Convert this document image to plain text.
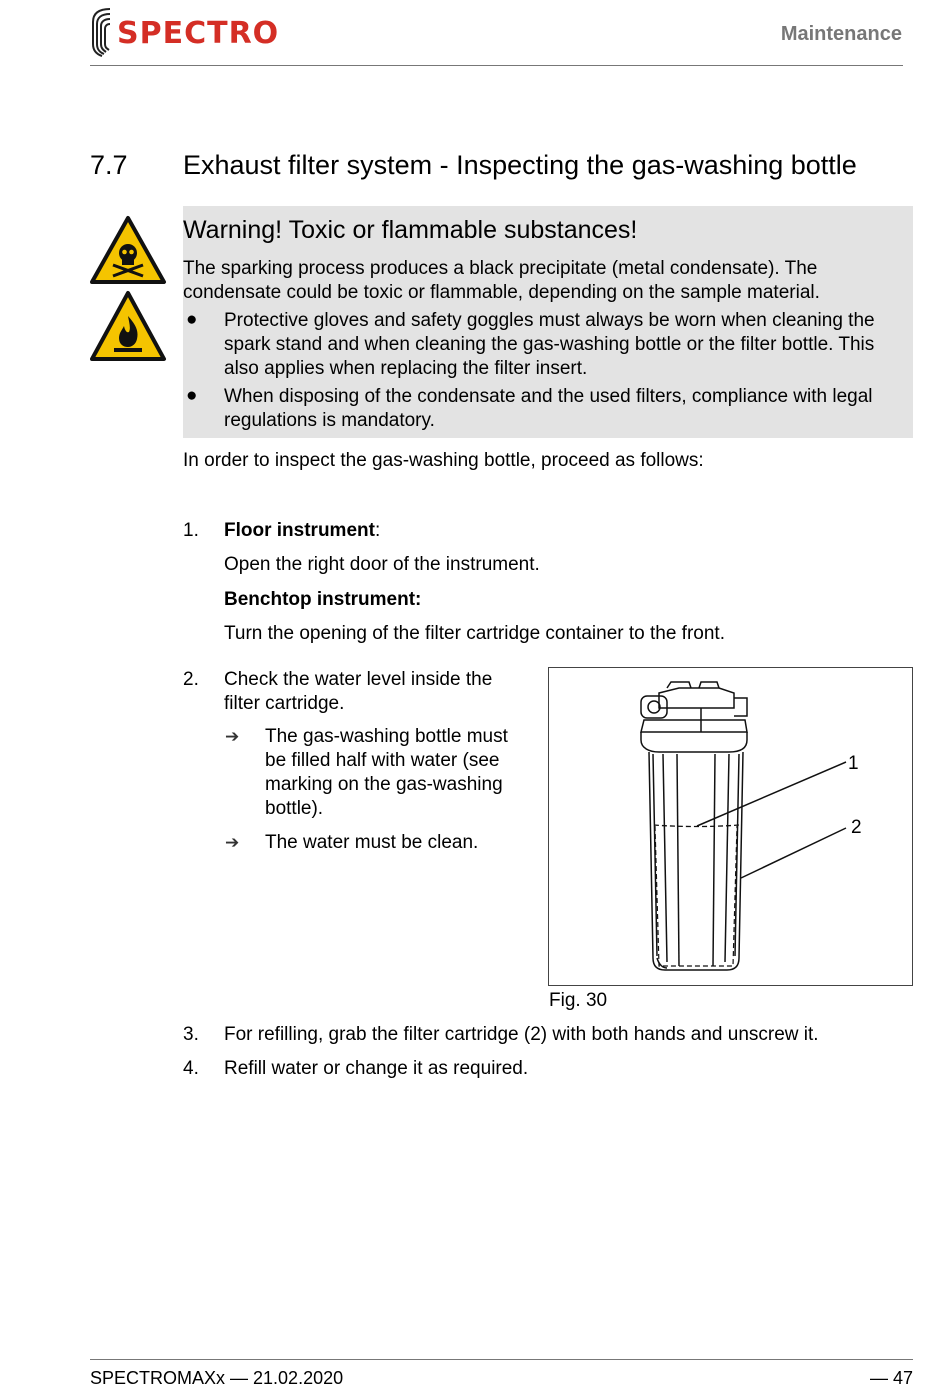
SPECTRO	Maintenance
7.7 Exhaust filter system - Inspecting the gas-washing bottle
Warning! Toxic or flammable substances!
The sparking process produces a black precipitate (metal condensate). The
condensate could be toxic or flammable, depending on the sample material.
● Protective gloves and safety goggles must always be worn when cleaning the
spark stand and when cleaning the gas-washing bottle or the filter bottle. This
also applies when replacing the filter insert.
● When disposing of the condensate and the used filters, compliance with legal
regulations is mandatory.
In order to inspect the gas-washing bottle, proceed as follows:
1. Floor instrument:
Open the right door of the instrument.
Benchtop instrument:
Turn the opening of the filter cartridge container to the front.
2. Check the water level inside the
filter cartridge.
➔ The gas-washing bottle must
be filled half with water (see
marking on the gas-washing
bottle).
➔ The water must be clean.
1
2
Fig. 30
3. For refilling, grab the filter cartridge (2) with both hands and unscrew it.
4. Refill water or change it as required.
SPECTROMAXx — 21.02.2020	— 47
